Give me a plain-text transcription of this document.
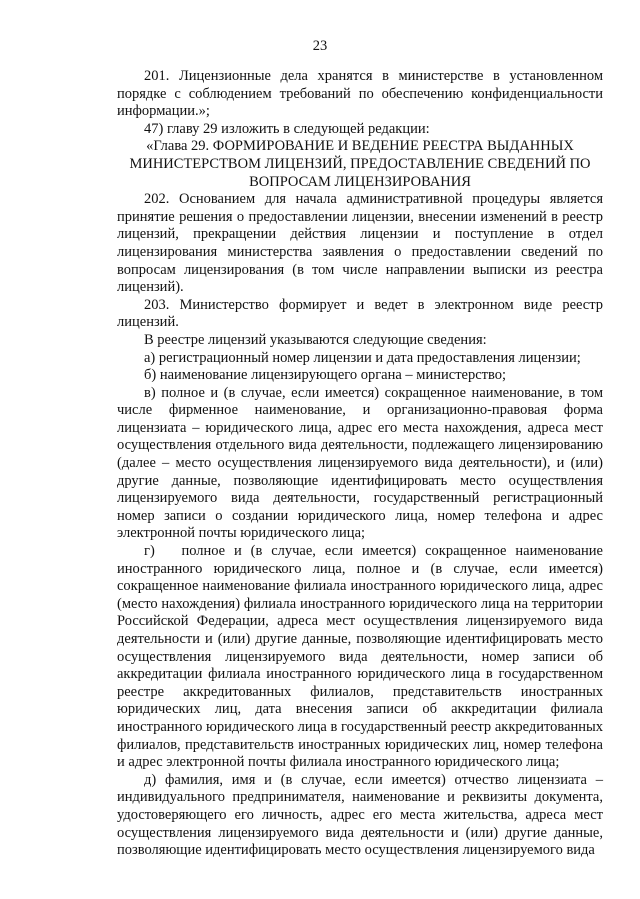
23

201. Лицензионные дела хранятся в министерстве в установленном порядке с соблюдением требований по обеспечению конфиденциальности информации.»;

47) главу 29 изложить в следующей редакции:

«Глава 29. ФОРМИРОВАНИЕ И ВЕДЕНИЕ РЕЕСТРА ВЫДАННЫХ

МИНИСТЕРСТВОМ ЛИЦЕНЗИЙ, ПРЕДОСТАВЛЕНИЕ СВЕДЕНИЙ ПО

ВОПРОСАМ ЛИЦЕНЗИРОВАНИЯ

202. Основанием для начала административной процедуры является принятие решения о предоставлении лицензии, внесении изменений в реестр лицензий, прекращении действия лицензии и поступление в отдел лицензирования министерства заявления о предоставлении сведений по вопросам лицензирования (в том числе направлении выписки из реестра лицензий).

203. Министерство формирует и ведет в электронном виде реестр лицензий.

В реестре лицензий указываются следующие сведения:

а) регистрационный номер лицензии и дата предоставления лицензии;

б) наименование лицензирующего органа – министерство;

в) полное и (в случае, если имеется) сокращенное наименование, в том числе фирменное наименование, и организационно-правовая форма лицензиата – юридического лица, адрес его места нахождения, адреса мест осуществления отдельного вида деятельности, подлежащего лицензированию (далее – место осуществления лицензируемого вида деятельности), и (или) другие данные, позволяющие идентифицировать место осуществления лицензируемого вида деятельности, государственный регистрационный номер записи о создании юридического лица, номер телефона и адрес электронной почты юридического лица;

г)   полное и (в случае, если имеется) сокращенное наименование иностранного юридического лица, полное и (в случае, если имеется) сокращенное наименование филиала иностранного юридического лица, адрес (место нахождения) филиала иностранного юридического лица на территории Российской Федерации, адреса мест осуществления лицензируемого вида деятельности и (или) другие данные, позволяющие идентифицировать место осуществления лицензируемого вида деятельности, номер записи об аккредитации филиала иностранного юридического лица в государственном реестре аккредитованных филиалов, представительств иностранных юридических лиц, дата внесения записи об аккредитации филиала иностранного юридического лица в государственный реестр аккредитованных филиалов, представительств иностранных юридических лиц, номер телефона и адрес электронной почты филиала иностранного юридического лица;

д) фамилия, имя и (в случае, если имеется) отчество лицензиата – индивидуального предпринимателя, наименование и реквизиты документа, удостоверяющего его личность, адрес его места жительства, адреса мест осуществления лицензируемого вида деятельности и (или) другие данные, позволяющие идентифицировать место осуществления лицензируемого вида
